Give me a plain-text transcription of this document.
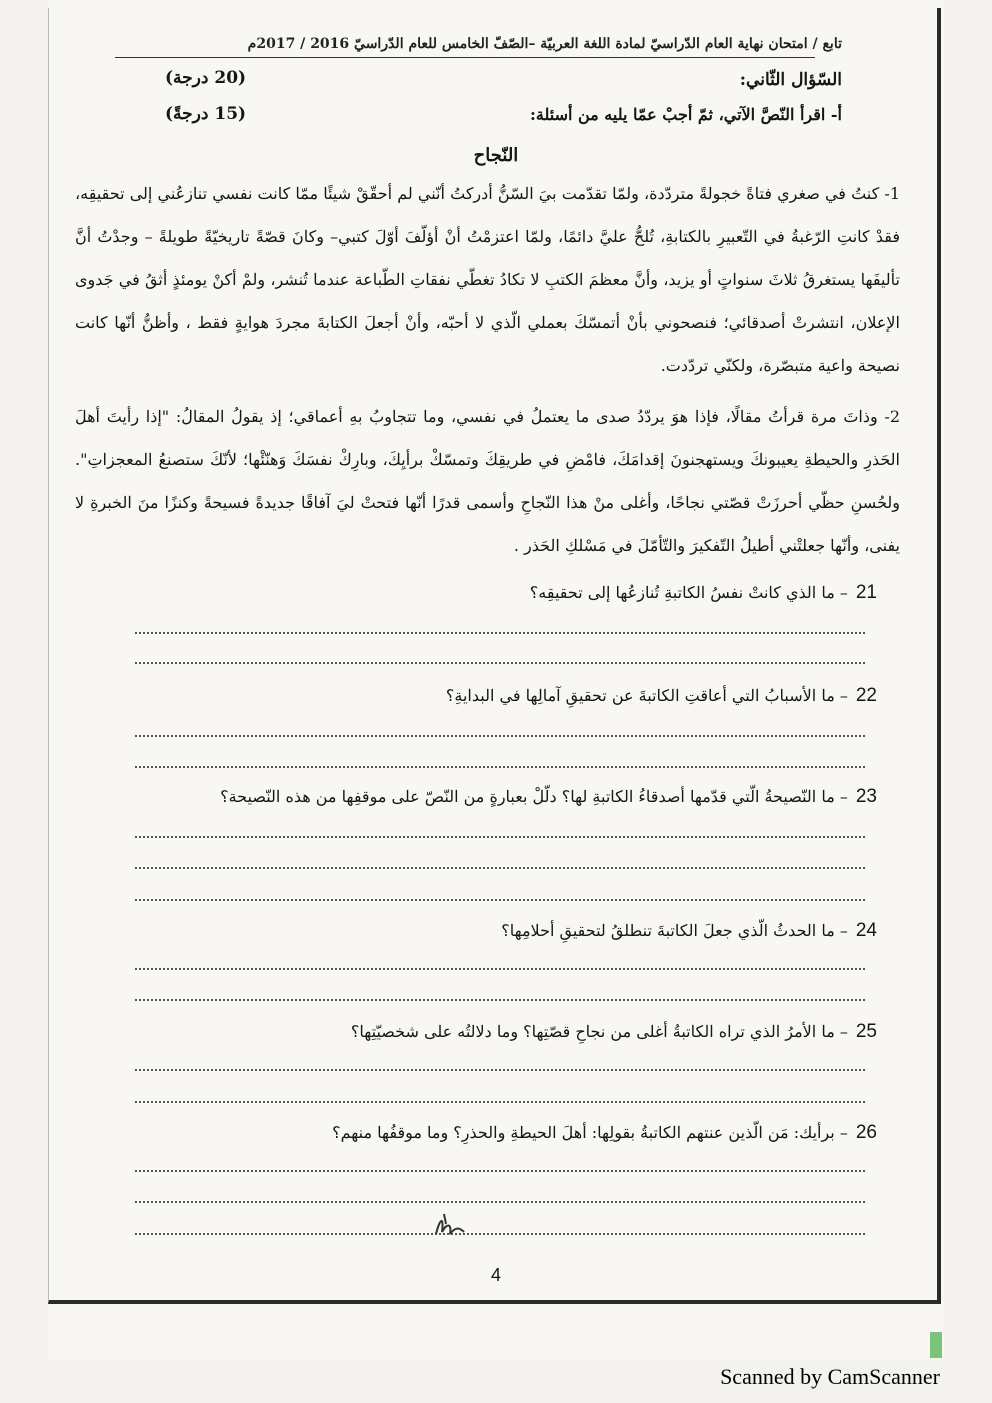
تابع / امتحان نهاية العام الدّراسيّ لمادة اللغة العربيّة –الصّفّ الخامس للعام الدّراسيّ 2016 / 2017م
السّؤال الثّاني:
(20 درجة)
أ- اقرأ النّصَّ الآتي، ثمّ أجبْ عمّا يليه من أسئلة:
(15 درجةً)
النّجاح
1- كنتُ في صغري فتاةً خجولةً متردّدة، ولمّا تقدّمت بيَ السّنُّ أدركتُ أنّني لم أحقّقْ شيئًا ممّا كانت نفسي تنازعُني إلى تحقيقِه، فقدْ كانتِ الرّغبةُ في التّعبيرِ بالكتابةِ، تُلحُّ عليَّ دائمًا، ولمّا اعتزمْتُ أنْ أؤلّفَ أوّلَ كتبي– وكانَ قصّةً تاريخيّةً طويلةً – وجدْتُ أنَّ تأليفَها يستغرقُ ثلاثَ سنواتٍ أو يزيد، وأنَّ معظمَ الكتبِ لا تكادُ تغطّي نفقاتِ الطّباعة عندما تُنشر، ولمْ أكنْ يومئذٍ أثقُ في جَدوى الإعلان، انتشرتْ أصدقائي؛ فنصحوني بأنْ أتمسّكَ بعملي الّذي لا أحبّه، وأنْ أجعلَ الكتابةَ مجردَ هوايةٍ فقط ، وأظنُّ أنّها كانت نصيحة واعية متبصّرة، ولكنّي تردّدت.
2- وذاتَ مرة قرأتُ مقالًا، فإذا هوَ يردّدُ صدى ما يعتملُ في نفسي، وما تتجاوبُ بهِ أعماقي؛ إذ يقولُ المقالُ: "إذا رأيتَ أهلَ الحَذرِ والحيطةِ يعيبونكَ ويستهجنونَ إقدامَكَ، فامْضِ في طريقِكَ وتمسّكْ برأيِكَ، وبارِكْ نفسَكَ وَهنّئْها؛ لأنّكَ ستصنعُ المعجزاتِ". ولحُسنِ حظّي أحرزَتْ قصّتي نجاحًا، وأغلى منْ هذا النّجاحِ وأسمى قدرًا أنّها فتحتْ ليَ آفاقًا جديدةً فسيحةً وكنزًا منَ الخبرةِ لا يفنى، وأنّها جعلتْني أطيلُ التّفكيرَ والتّأمّلَ في مَسْلكِ الحَذر .
21– ما الذي كانتْ نفسُ الكاتبةِ تُنازعُها إلى تحقيقِه؟
22– ما الأسبابُ التي أعاقتِ الكاتبةَ عن تحقيقِ آمالِها في البدايةِ؟
23– ما النّصيحةُ الّتي قدّمها أصدقاءُ الكاتبةِ لها؟ دلّلْ بعبارةٍ من النّصّ على موقفِها من هذه النّصيحة؟
24– ما الحدثُ الّذي جعلَ الكاتبةَ تنطلقُ لتحقيقِ أحلامِها؟
25– ما الأمرُ الذي تراه الكاتبةُ أغلى من نجاحِ قصّتِها؟ وما دلالتُه على شخصيّتِها؟
26– برأيك: مَن الّذين عنتهم الكاتبةُ بقولِها: أهلَ الحيطةِ والحذرِ؟ وما موقفُها منهم؟
4
Scanned by CamScanner
